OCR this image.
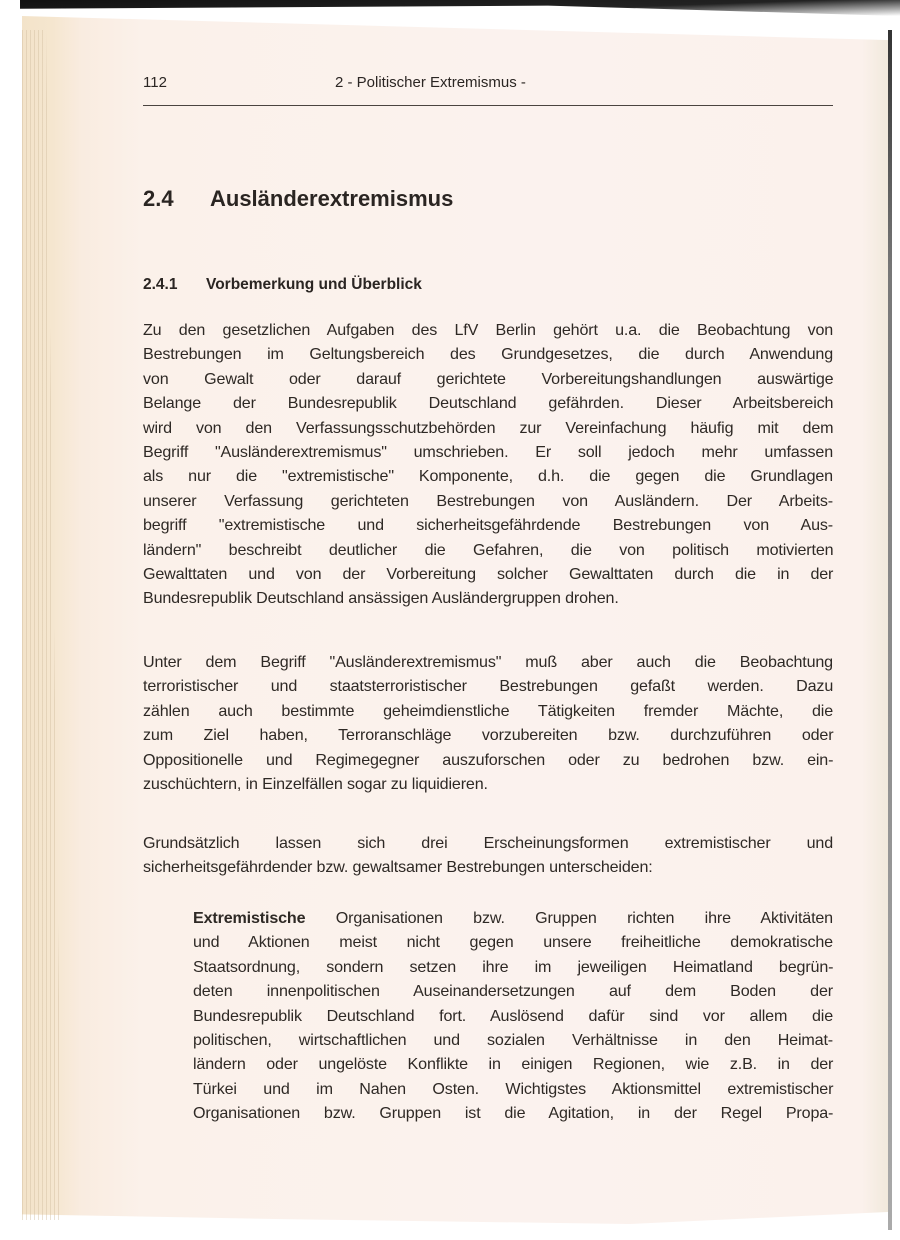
112	2 - Politischer Extremismus -
2.4 Ausländerextremismus
2.4.1 Vorbemerkung und Überblick
Zu den gesetzlichen Aufgaben des LfV Berlin gehört u.a. die Beobachtung von
Bestrebungen im Geltungsbereich des Grundgesetzes, die durch Anwendung
von Gewalt oder darauf gerichtete Vorbereitungshandlungen auswärtige
Belange der Bundesrepublik Deutschland gefährden. Dieser Arbeitsbereich
wird von den Verfassungsschutzbehörden zur Vereinfachung häufig mit dem
Begriff "Ausländerextremismus" umschrieben. Er soll jedoch mehr umfassen
als nur die "extremistische" Komponente, d.h. die gegen die Grundlagen
unserer Verfassung gerichteten Bestrebungen von Ausländern. Der Arbeits-
begriff "extremistische und sicherheitsgefährdende Bestrebungen von Aus-
ländern" beschreibt deutlicher die Gefahren, die von politisch motivierten
Gewalttaten und von der Vorbereitung solcher Gewalttaten durch die in der
Bundesrepublik Deutschland ansässigen Ausländergruppen drohen.
Unter dem Begriff "Ausländerextremismus" muß aber auch die Beobachtung
terroristischer und staatsterroristischer Bestrebungen gefaßt werden. Dazu
zählen auch bestimmte geheimdienstliche Tätigkeiten fremder Mächte, die
zum Ziel haben, Terroranschläge vorzubereiten bzw. durchzuführen oder
Oppositionelle und Regimegegner auszuforschen oder zu bedrohen bzw. ein-
zuschüchtern, in Einzelfällen sogar zu liquidieren.
Grundsätzlich lassen sich drei Erscheinungsformen extremistischer und
sicherheitsgefährdender bzw. gewaltsamer Bestrebungen unterscheiden:
Extremistische Organisationen bzw. Gruppen richten ihre Aktivitäten
und Aktionen meist nicht gegen unsere freiheitliche demokratische
Staatsordnung, sondern setzen ihre im jeweiligen Heimatland begrün-
deten innenpolitischen Auseinandersetzungen auf dem Boden der
Bundesrepublik Deutschland fort. Auslösend dafür sind vor allem die
politischen, wirtschaftlichen und sozialen Verhältnisse in den Heimat-
ländern oder ungelöste Konflikte in einigen Regionen, wie z.B. in der
Türkei und im Nahen Osten. Wichtigstes Aktionsmittel extremistischer
Organisationen bzw. Gruppen ist die Agitation, in der Regel Propa-
